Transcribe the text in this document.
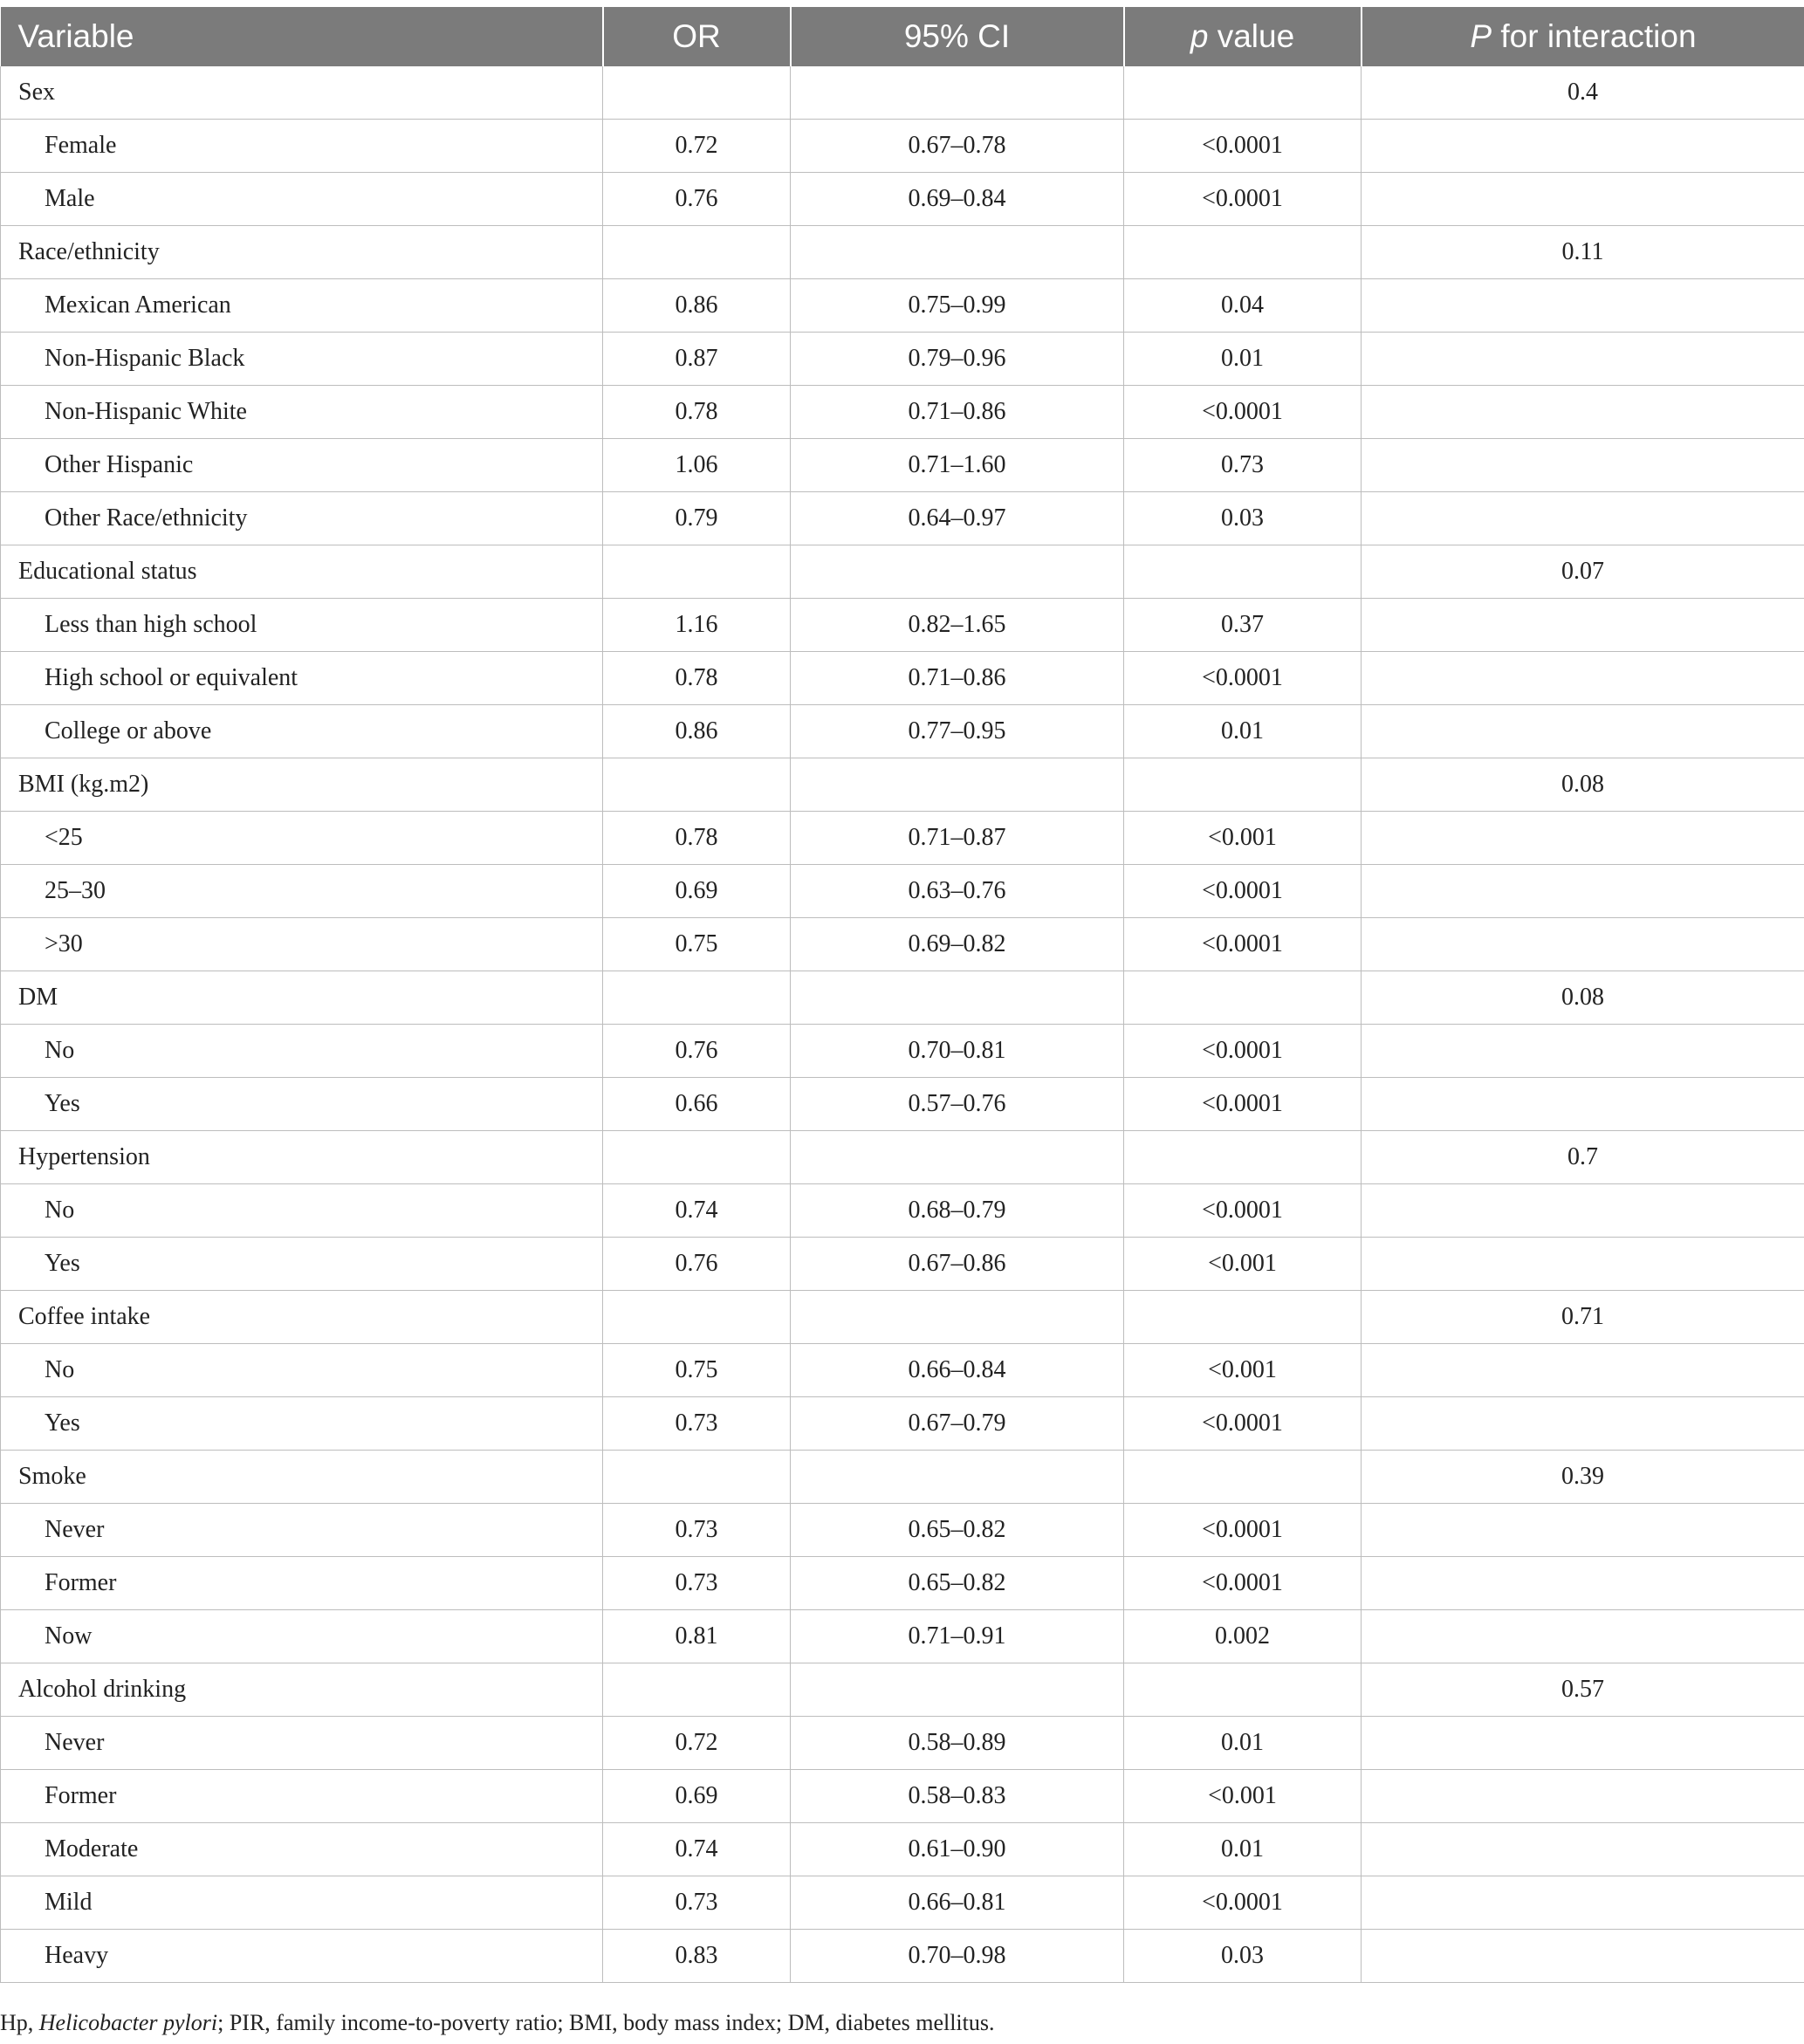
Variable	OR	95% CI	p value	P for interaction
Sex				0.4
Female	0.72	0.67–0.78	<0.0001	
Male	0.76	0.69–0.84	<0.0001	
Race/ethnicity				0.11
Mexican American	0.86	0.75–0.99	0.04	
Non-Hispanic Black	0.87	0.79–0.96	0.01	
Non-Hispanic White	0.78	0.71–0.86	<0.0001	
Other Hispanic	1.06	0.71–1.60	0.73	
Other Race/ethnicity	0.79	0.64–0.97	0.03	
Educational status				0.07
Less than high school	1.16	0.82–1.65	0.37	
High school or equivalent	0.78	0.71–0.86	<0.0001	
College or above	0.86	0.77–0.95	0.01	
BMI (kg.m2)				0.08
<25	0.78	0.71–0.87	<0.001	
25–30	0.69	0.63–0.76	<0.0001	
>30	0.75	0.69–0.82	<0.0001	
DM				0.08
No	0.76	0.70–0.81	<0.0001	
Yes	0.66	0.57–0.76	<0.0001	
Hypertension				0.7
No	0.74	0.68–0.79	<0.0001	
Yes	0.76	0.67–0.86	<0.001	
Coffee intake				0.71
No	0.75	0.66–0.84	<0.001	
Yes	0.73	0.67–0.79	<0.0001	
Smoke				0.39
Never	0.73	0.65–0.82	<0.0001	
Former	0.73	0.65–0.82	<0.0001	
Now	0.81	0.71–0.91	0.002	
Alcohol drinking				0.57
Never	0.72	0.58–0.89	0.01	
Former	0.69	0.58–0.83	<0.001	
Moderate	0.74	0.61–0.90	0.01	
Mild	0.73	0.66–0.81	<0.0001	
Heavy	0.83	0.70–0.98	0.03	
Hp, Helicobacter pylori; PIR, family income-to-poverty ratio; BMI, body mass index; DM, diabetes mellitus.
